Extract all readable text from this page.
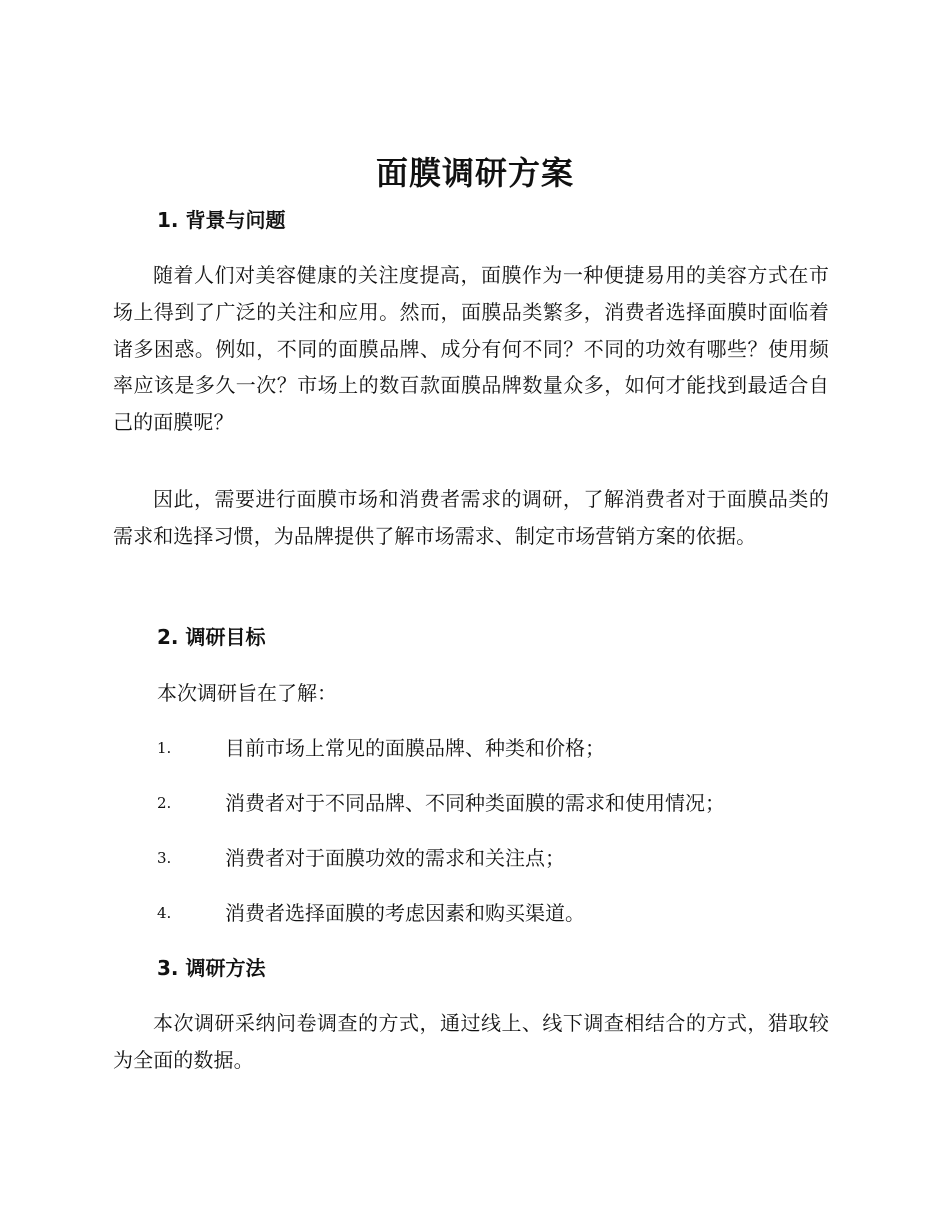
面膜调研方案
1. 背景与问题

随着人们对美容健康的关注度提高，面膜作为一种便捷易用的美容方式在市场上得到了广泛的关注和应用。然而，面膜品类繁多，消费者选择面膜时面临着诸多困惑。例如，不同的面膜品牌、成分有何不同？不同的功效有哪些？使用频率应该是多久一次？市场上的数百款面膜品牌数量众多，如何才能找到最适合自己的面膜呢？

因此，需要进行面膜市场和消费者需求的调研，了解消费者对于面膜品类的需求和选择习惯，为品牌提供了解市场需求、制定市场营销方案的依据。

2. 调研目标

本次调研旨在了解：

1.	目前市场上常见的面膜品牌、种类和价格；
2.	消费者对于不同品牌、不同种类面膜的需求和使用情况；
3.	消费者对于面膜功效的需求和关注点；
4.	消费者选择面膜的考虑因素和购买渠道。
3. 调研方法

本次调研采纳问卷调查的方式，通过线上、线下调查相结合的方式，猎取较为全面的数据。
